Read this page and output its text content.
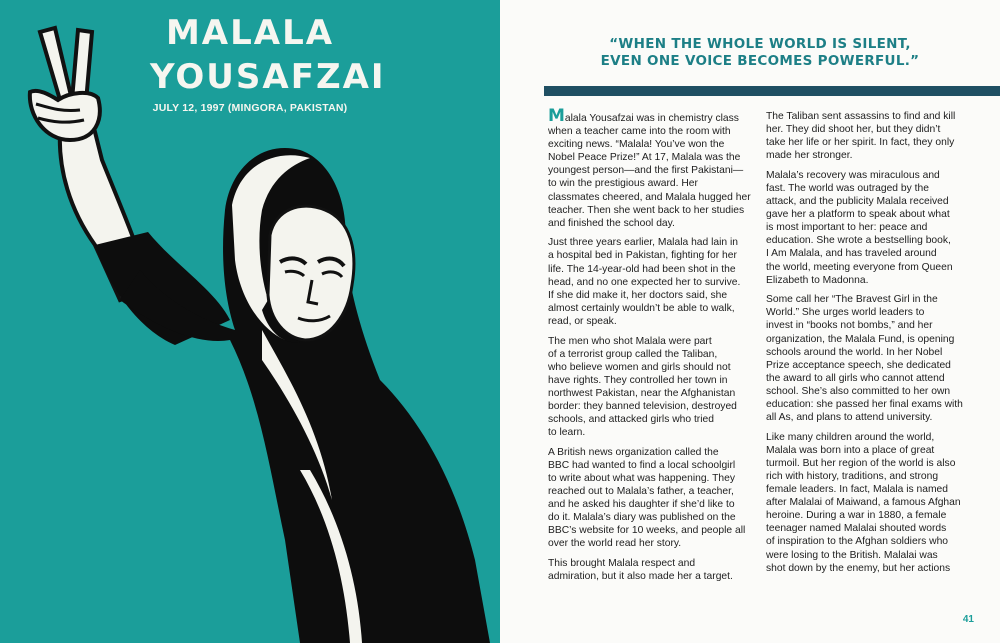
MALALA
YOUSAFZAI
JULY 12, 1997 (MINGORA, PAKISTAN)
“WHEN THE WHOLE WORLD IS SILENT,
EVEN ONE VOICE BECOMES POWERFUL.”

Malala Yousafzai was in chemistry class
when a teacher came into the room with
exciting news. “Malala! You’ve won the
Nobel Peace Prize!” At 17, Malala was the
youngest person—and the first Pakistani—
to win the prestigious award. Her
classmates cheered, and Malala hugged her
teacher. Then she went back to her studies
and finished the school day.

Just three years earlier, Malala had lain in
a hospital bed in Pakistan, fighting for her
life. The 14-year-old had been shot in the
head, and no one expected her to survive.
If she did make it, her doctors said, she
almost certainly wouldn’t be able to walk,
read, or speak.

The men who shot Malala were part
of a terrorist group called the Taliban,
who believe women and girls should not
have rights. They controlled her town in
northwest Pakistan, near the Afghanistan
border: they banned television, destroyed
schools, and attacked girls who tried
to learn.

A British news organization called the
BBC had wanted to find a local schoolgirl
to write about what was happening. They
reached out to Malala’s father, a teacher,
and he asked his daughter if she’d like to
do it. Malala’s diary was published on the
BBC’s website for 10 weeks, and people all
over the world read her story.

This brought Malala respect and
admiration, but it also made her a target.

The Taliban sent assassins to find and kill
her. They did shoot her, but they didn’t
take her life or her spirit. In fact, they only
made her stronger.

Malala’s recovery was miraculous and
fast. The world was outraged by the
attack, and the publicity Malala received
gave her a platform to speak about what
is most important to her: peace and
education. She wrote a bestselling book,
I Am Malala, and has traveled around
the world, meeting everyone from Queen
Elizabeth to Madonna.

Some call her “The Bravest Girl in the
World.” She urges world leaders to
invest in “books not bombs,” and her
organization, the Malala Fund, is opening
schools around the world. In her Nobel
Prize acceptance speech, she dedicated
the award to all girls who cannot attend
school. She’s also committed to her own
education: she passed her final exams with
all As, and plans to attend university.

Like many children around the world,
Malala was born into a place of great
turmoil. But her region of the world is also
rich with history, traditions, and strong
female leaders. In fact, Malala is named
after Malalai of Maiwand, a famous Afghan
heroine. During a war in 1880, a female
teenager named Malalai shouted words
of inspiration to the Afghan soldiers who
were losing to the British. Malalai was
shot down by the enemy, but her actions

41
